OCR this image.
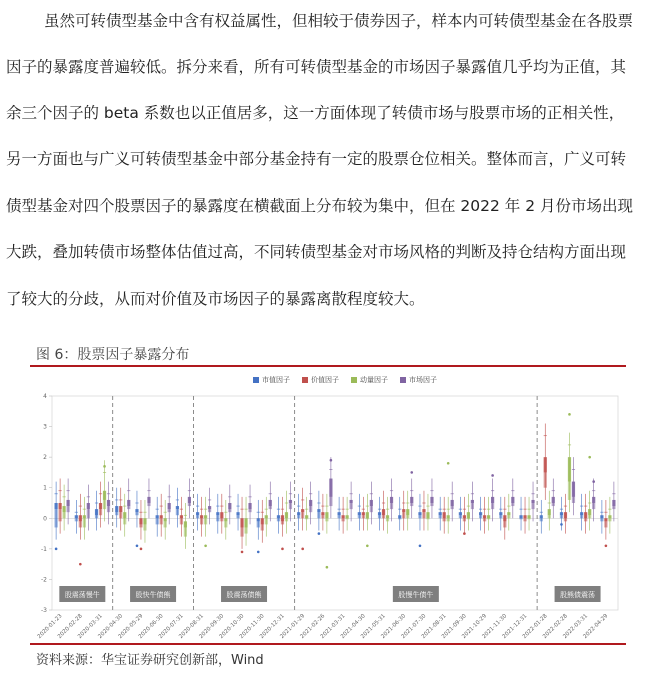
虽然可转债型基金中含有权益属性，但相较于债券因子，样本内可转债型基金在各股票
因子的暴露度普遍较低。拆分来看，所有可转债型基金的市场因子暴露值几乎均为正值，其
余三个因子的 beta 系数也以正值居多，这一方面体现了转债市场与股票市场的正相关性，
另一方面也与广义可转债型基金中部分基金持有一定的股票仓位相关。整体而言，广义可转
债型基金对四个股票因子的暴露度在横截面上分布较为集中，但在 2022 年 2 月份市场出现
大跌，叠加转债市场整体估值过高，不同转债型基金对市场风格的判断及持仓结构方面出现
了较大的分歧，从而对价值及市场因子的暴露离散程度较大。
图 6：股票因子暴露分布
市值因子	价值因子	动量因子	市场因子
-3
-2
-1
0
1
2
3
4
股震荡慢牛	股快牛债熊	股震荡债熊	股慢牛债牛	股熊债震荡
2020-01-23
2020-02-28
2020-03-31
2020-04-30
2020-05-29
2020-06-30
2020-07-31
2020-08-31
2020-09-30
2020-10-30
2020-11-30
2020-12-31
2021-01-29
2021-02-26
2021-03-31
2021-04-30
2021-05-31
2021-06-30
2021-07-30
2021-08-31
2021-09-30
2021-10-29
2021-11-30
2021-12-31
2022-01-28
2022-02-28
2022-03-31
2022-04-29
资料来源：华宝证券研究创新部，Wind
